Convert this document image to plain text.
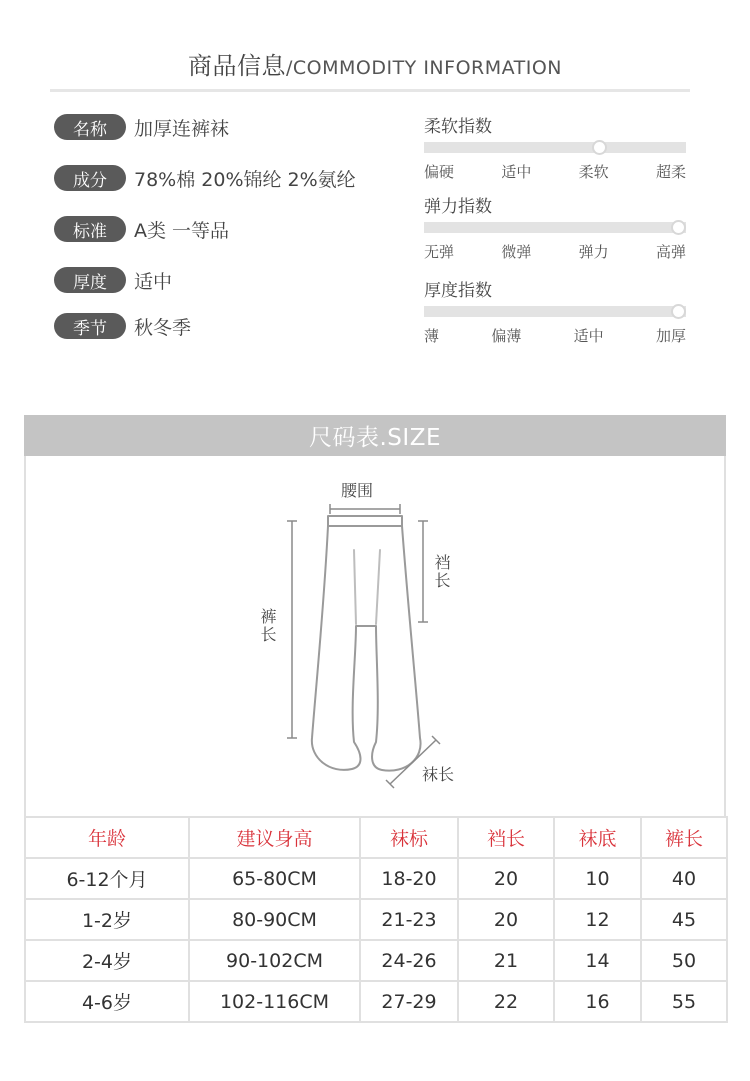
商品信息/COMMODITY INFORMATION
名称	加厚连裤袜
成分	78%棉 20%锦纶 2%氨纶
标准	A类 一等品
厚度	适中
季节	秋冬季
柔软指数
偏硬	适中	柔软	超柔
弹力指数
无弹	微弹	弹力	高弹
厚度指数
薄	偏薄	适中	加厚
尺码表.SIZE
腰围
裤长
裆长
袜长
年龄	建议身高	袜标	裆长	袜底	裤长
6-12个月	65-80CM	18-20	20	10	40
1-2岁	80-90CM	21-23	20	12	45
2-4岁	90-102CM	24-26	21	14	50
4-6岁	102-116CM	27-29	22	16	55
